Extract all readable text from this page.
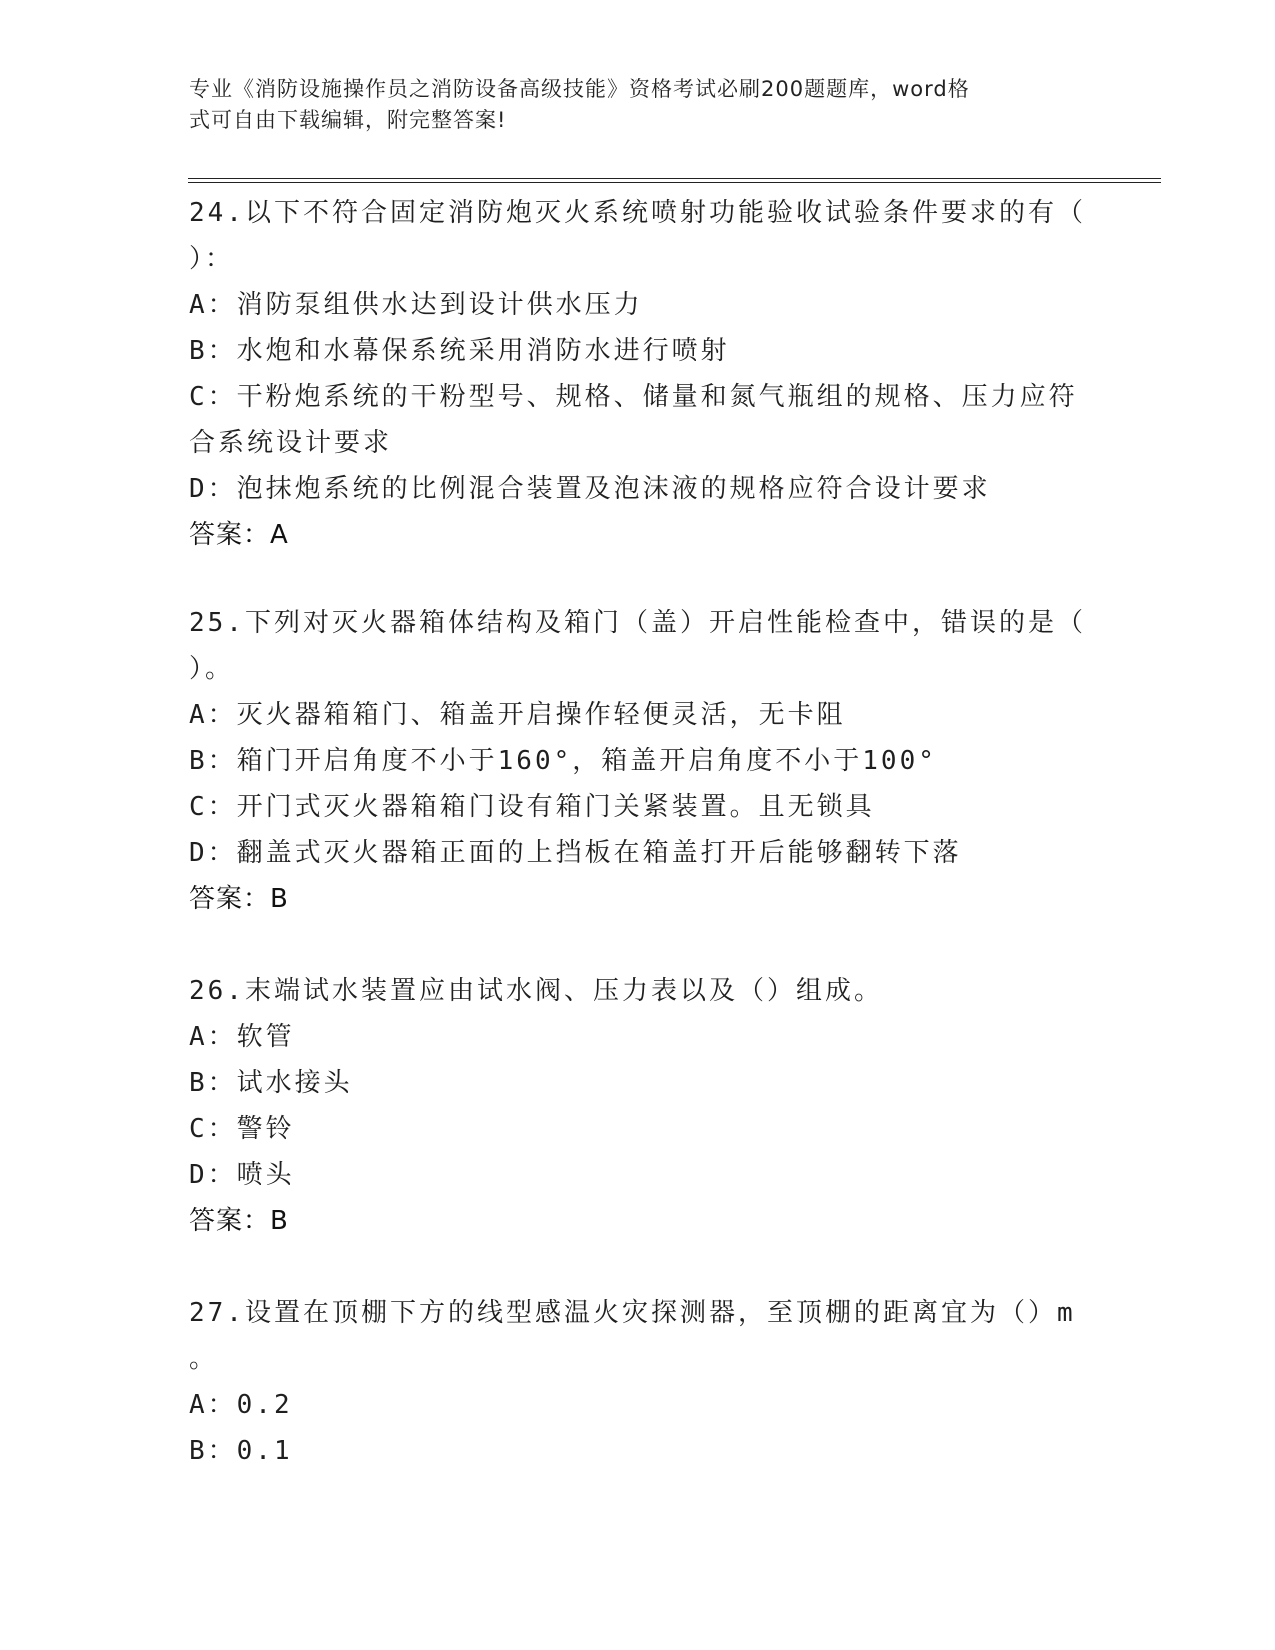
专业《消防设施操作员之消防设备高级技能》资格考试必刷200题题库，word格
式可自由下载编辑，附完整答案!
24.以下不符合固定消防炮灭火系统喷射功能验收试验条件要求的有（
）：
A：消防泵组供水达到设计供水压力
B：水炮和水幕保系统采用消防水进行喷射
C：干粉炮系统的干粉型号、规格、储量和氮气瓶组的规格、压力应符
合系统设计要求
D：泡抹炮系统的比例混合装置及泡沫液的规格应符合设计要求
答案：A
25.下列对灭火器箱体结构及箱门（盖）开启性能检查中，错误的是（
）。
A：灭火器箱箱门、箱盖开启操作轻便灵活，无卡阻
B：箱门开启角度不小于160°，箱盖开启角度不小于100°
C：开门式灭火器箱箱门设有箱门关紧装置。且无锁具
D：翻盖式灭火器箱正面的上挡板在箱盖打开后能够翻转下落
答案：B
26.末端试水装置应由试水阀、压力表以及（）组成。
A：软管
B：试水接头
C：警铃
D：喷头
答案：B
27.设置在顶棚下方的线型感温火灾探测器，至顶棚的距离宜为（）m
。
A：0.2
B：0.1
